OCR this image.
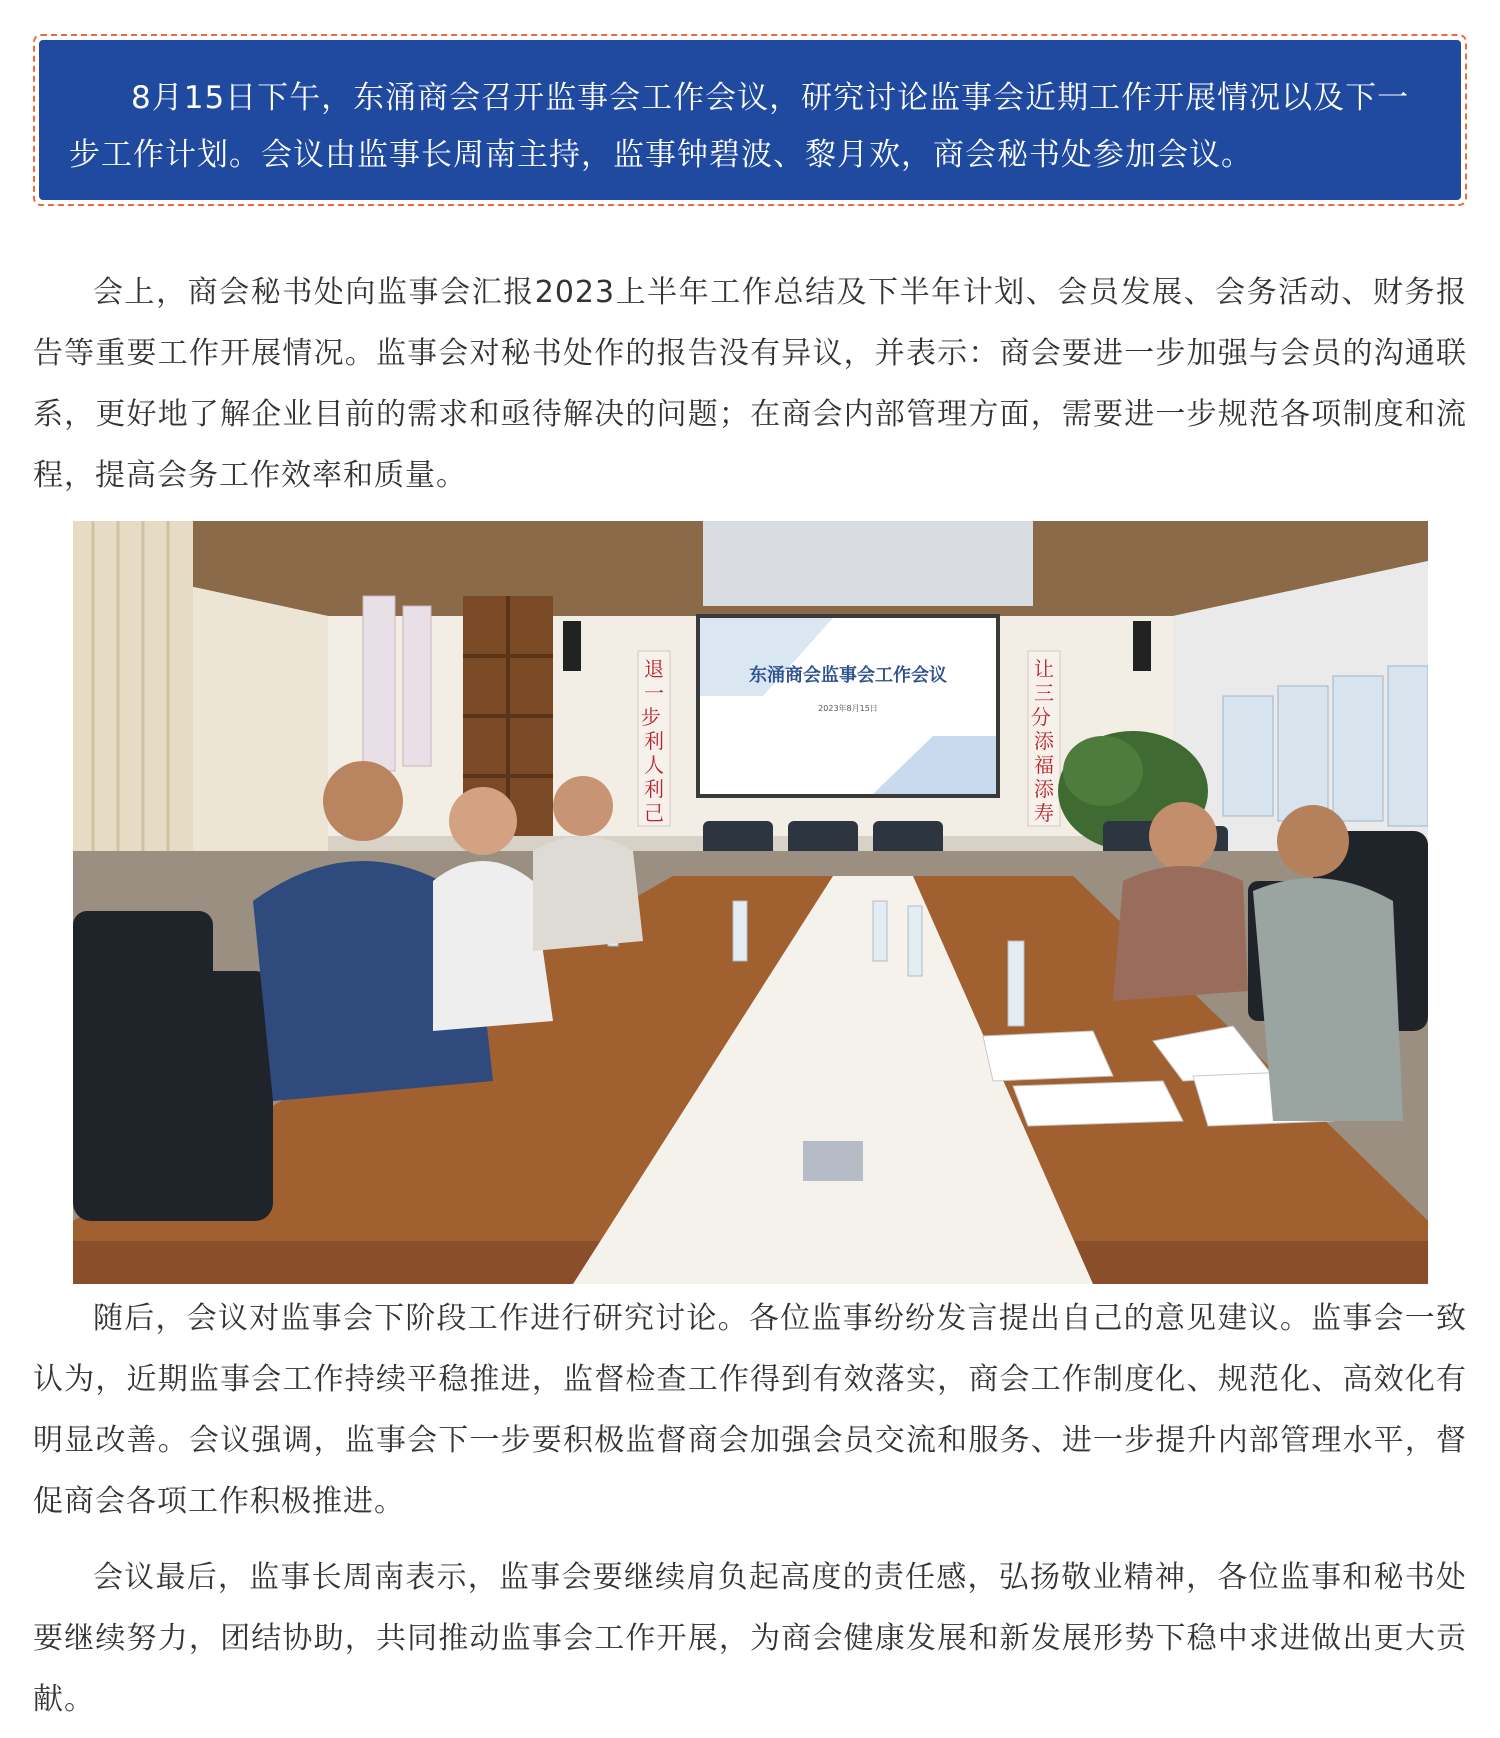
8月15日下午，东涌商会召开监事会工作会议，研究讨论监事会近期工作开展情况以及下一步工作计划。会议由监事长周南主持，监事钟碧波、黎月欢，商会秘书处参加会议。

会上，商会秘书处向监事会汇报2023上半年工作总结及下半年计划、会员发展、会务活动、财务报告等重要工作开展情况。监事会对秘书处作的报告没有异议，并表示：商会要进一步加强与会员的沟通联系，更好地了解企业目前的需求和亟待解决的问题；在商会内部管理方面，需要进一步规范各项制度和流程，提高会务工作效率和质量。

退一步 利人利己
东涌商会监事会工作会议
2023年8月15日
让三分 添福添寿

随后，会议对监事会下阶段工作进行研究讨论。各位监事纷纷发言提出自己的意见建议。监事会一致认为，近期监事会工作持续平稳推进，监督检查工作得到有效落实，商会工作制度化、规范化、高效化有明显改善。会议强调，监事会下一步要积极监督商会加强会员交流和服务、进一步提升内部管理水平，督促商会各项工作积极推进。

会议最后，监事长周南表示，监事会要继续肩负起高度的责任感，弘扬敬业精神，各位监事和秘书处要继续努力，团结协助，共同推动监事会工作开展，为商会健康发展和新发展形势下稳中求进做出更大贡献。
